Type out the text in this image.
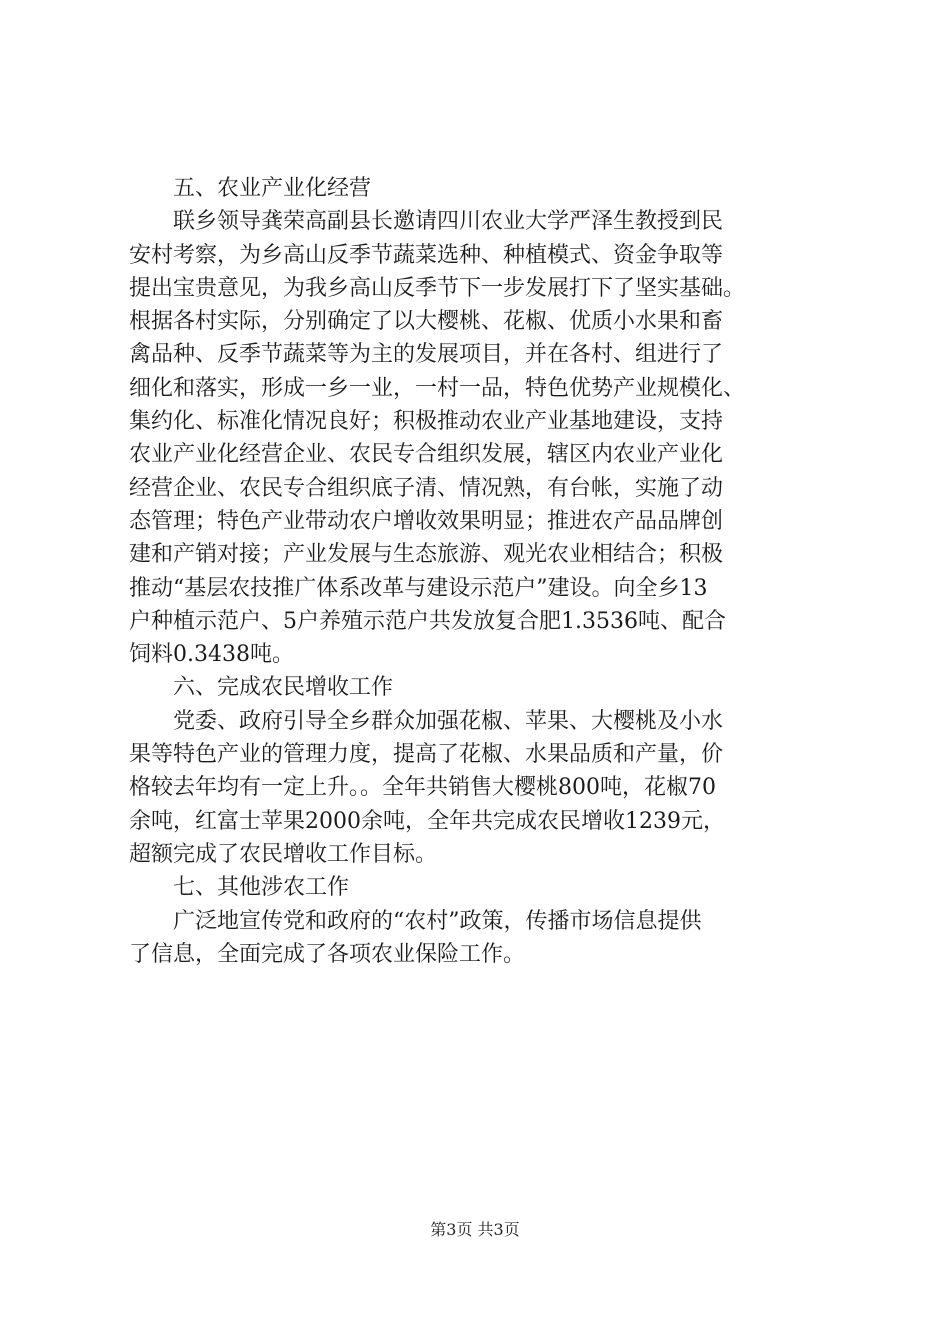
五、农业产业化经营
联乡领导龚荣高副县长邀请四川农业大学严泽生教授到民
安村考察，为乡高山反季节蔬菜选种、种植模式、资金争取等
提出宝贵意见，为我乡高山反季节下一步发展打下了坚实基础。
根据各村实际，分别确定了以大樱桃、花椒、优质小水果和畜
禽品种、反季节蔬菜等为主的发展项目，并在各村、组进行了
细化和落实，形成一乡一业，一村一品，特色优势产业规模化、
集约化、标准化情况良好；积极推动农业产业基地建设，支持
农业产业化经营企业、农民专合组织发展，辖区内农业产业化
经营企业、农民专合组织底子清、情况熟，有台帐，实施了动
态管理；特色产业带动农户增收效果明显；推进农产品品牌创
建和产销对接；产业发展与生态旅游、观光农业相结合；积极
推动“基层农技推广体系改革与建设示范户”建设。向全乡13
户种植示范户、5户养殖示范户共发放复合肥1.3536吨、配合
饲料0.3438吨。
六、完成农民增收工作
党委、政府引导全乡群众加强花椒、苹果、大樱桃及小水
果等特色产业的管理力度，提高了花椒、水果品质和产量，价
格较去年均有一定上升。。全年共销售大樱桃800吨，花椒70
余吨，红富士苹果2000余吨，全年共完成农民增收1239元，
超额完成了农民增收工作目标。
七、其他涉农工作
广泛地宣传党和政府的“农村”政策，传播市场信息提供
了信息，全面完成了各项农业保险工作。
第3页 共3页
